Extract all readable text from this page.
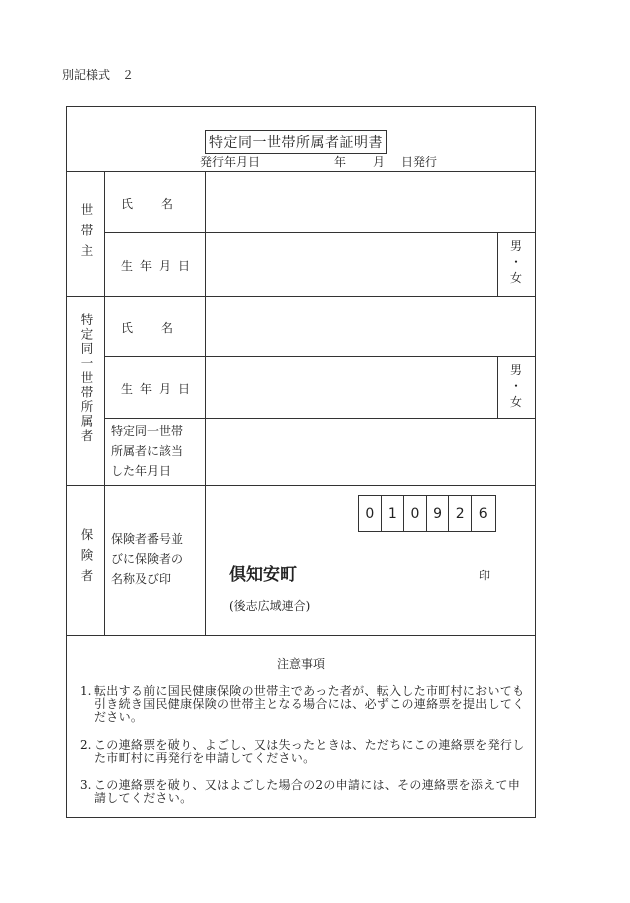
別記様式　２
特定同一世帯所属者証明書
発行年月日	年 月 日発行
世帯主 氏名
生年月日
男
・
女
特定同一世帯所属者 氏名
生年月日
男
・
女
特定同一世帯
所属者に該当
した年月日
保険者 保険者番号並
びに保険者の
名称及び印
0 1 0 9 2	6
倶知安町
(後志広域連合)
印
注意事項
1. 転出する前に国民健康保険の世帯主であった者が、転入した市町村においても引き続き国民健康保険の世帯主となる場合には、必ずこの連絡票を提出してください。
2. この連絡票を破り、よごし、又は失ったときは、ただちにこの連絡票を発行した市町村に再発行を申請してください。
3. この連絡票を破り、又はよごした場合の2の申請には、その連絡票を添えて申請してください。
